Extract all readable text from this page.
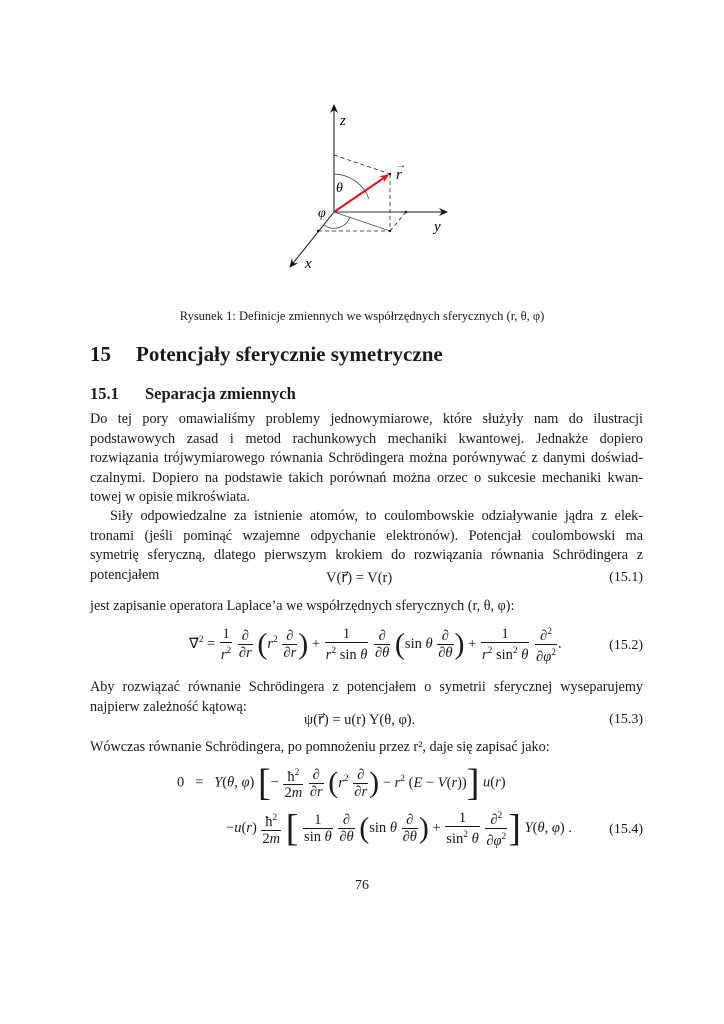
z
y
x
r
→
θ
φ
Rysunek 1: Definicje zmiennych we współrzędnych sferycznych (r, θ, φ)
15 Potencjały sferycznie symetryczne
15.1 Separacja zmiennych
Do tej pory omawialiśmy problemy jednowymiarowe, które służyły nam do ilustracji
podstawowych zasad i metod rachunkowych mechaniki kwantowej. Jednakże dopiero
rozwiązania trójwymiarowego równania Schrödingera można porównywać z danymi doświad-
czalnymi. Dopiero na podstawie takich porównań można orzec o sukcesie mechaniki kwan-
towej w opisie mikroświata.
Siły odpowiedzalne za istnienie atomów, to coulombowskie odziaływanie jądra z elek-
tronami (jeśli pominąć wzajemne odpychanie elektronów). Potencjał coulombowski ma
symetrię sferyczną, dlatego pierwszym krokiem do rozwiązania równania Schrödingera z
potencjałem	V(r⃗) = V(r)	(15.1)
jest zapisanie operatora Laplace’a we współrzędnych sferycznych (r, θ, φ):
∇⃗$^2$ = $\frac{1}{r^2}$
$\frac{\partial}{\partial r} (r^2 \frac{\partial}{\partial r}$ ) + $\frac{1}{r^2 \sin \theta}$
$\frac{\partial}{\partial\theta} (\sin$ θ $\frac{\partial}{\partial\theta}$ ) + $\frac{1}{r^2 \sin^2 \theta}$
$\frac{\partial^2}{\partial\varphi^2}$ .	(15.2)
Aby rozwiązać równanie Schrödingera z potencjałem o symetrii sferycznej wyseparujemy
najpierw zależność kątową:
ψ(r⃗) = u(r) Y(θ, φ).	(15.3)
Wówczas równanie Schrödingera, po pomnożeniu przez r², daje się zapisać jako:
0   =   Y(θ, φ) [− $\frac{ħ^2}{2m}$
$\frac{\partial}{\partial r} (r^2 \frac{\partial}{\partial r}$ ) − $r^2$ (E − V(r))] u(r)
$-u(r) \frac{ħ^2}{2m}$ [ $\frac{1}{\text{sin θ}}$
$\frac{\partial}{\partial\theta} (\sin$ θ $\frac{\partial}{\partial\theta}$ ) + $\frac{1}{\sin^2 \theta}$
$\frac{\partial^2}{\partial\varphi^2}$ ] Y(θ, φ) .	(15.4)
76
